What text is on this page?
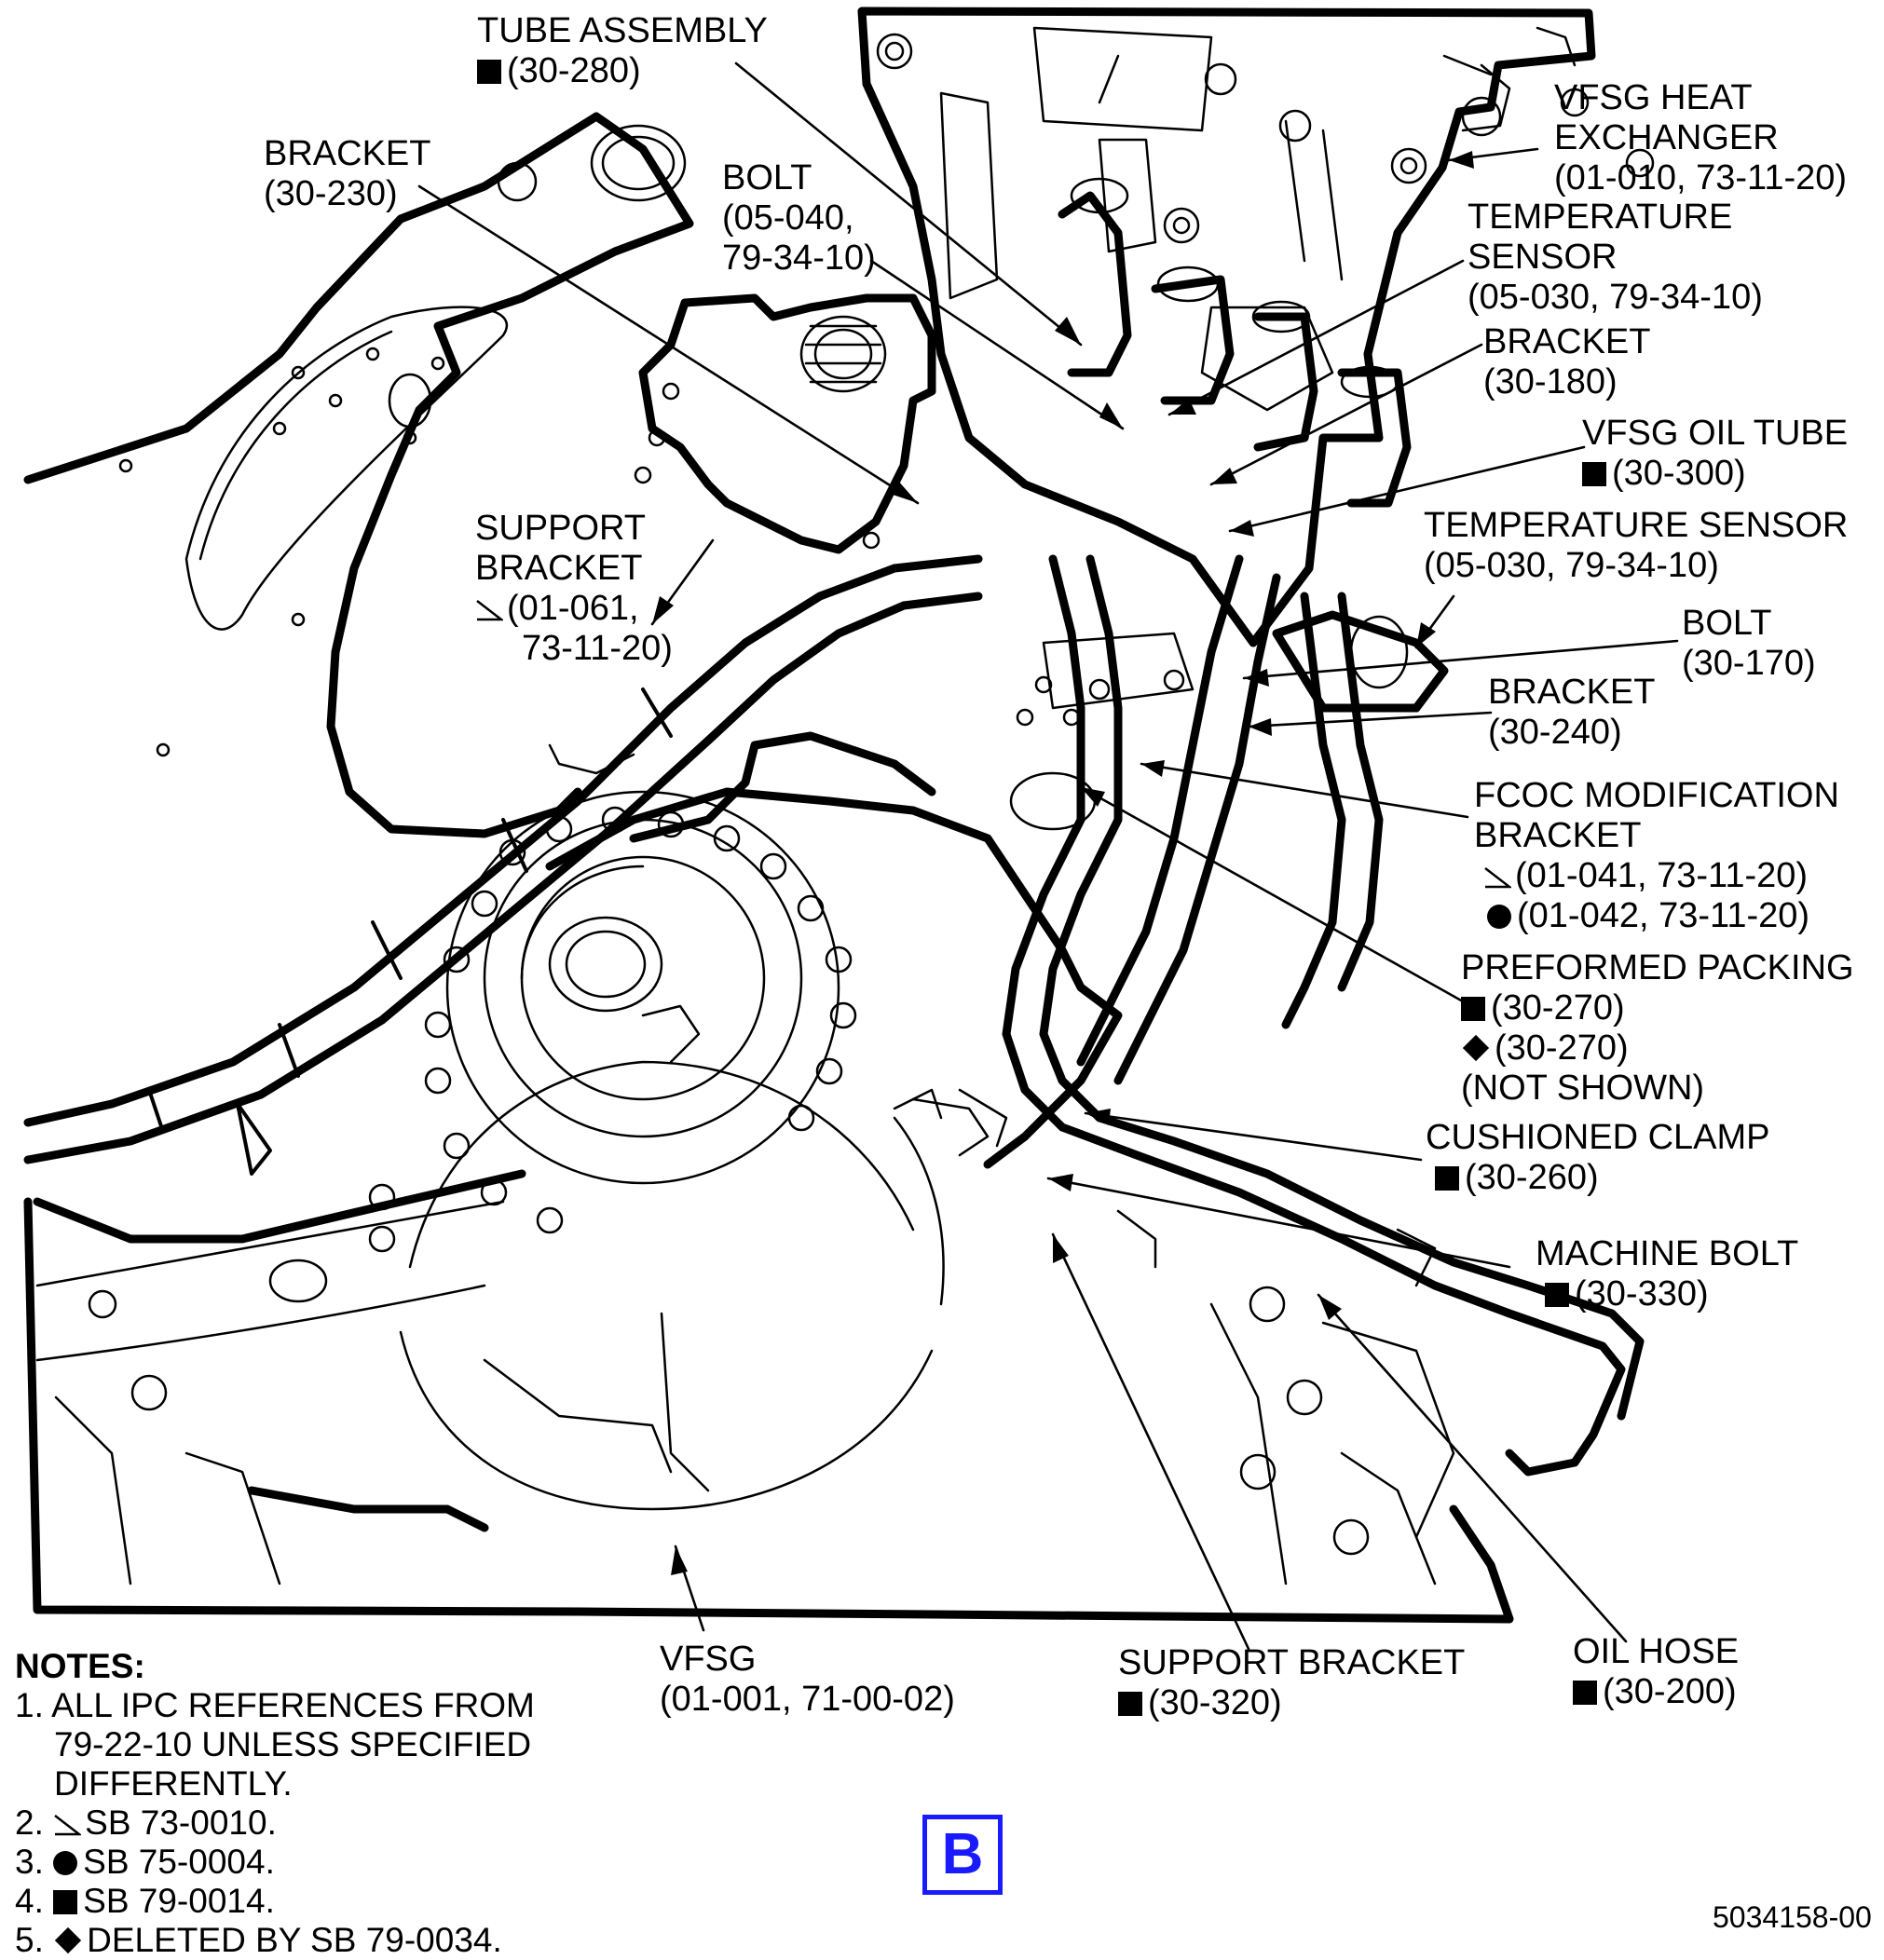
TUBE ASSEMBLY
(30-280)
BRACKET
(30-230)	BOLT
(05-040,
79-34-10)
VFSG HEAT
EXCHANGER
(01-010, 73-11-20)
TEMPERATURE
SENSOR
(05-030, 79-34-10)
BRACKET
(30-180)
VFSG OIL TUBE
(30-300)
TEMPERATURE SENSOR
(05-030, 79-34-10)
SUPPORT
BRACKET
(01-061,
73-11-20)
BOLT
(30-170)
BRACKET
(30-240)
FCOC MODIFICATION
BRACKET
(01-041, 73-11-20)
(01-042, 73-11-20)
PREFORMED PACKING
(30-270)
(30-270)
(NOT SHOWN)
CUSHIONED CLAMP
(30-260)
MACHINE BOLT
(30-330)
VFSG
(01-001, 71-00-02)
SUPPORT BRACKET
(30-320)
OIL HOSE
(30-200)
NOTES:
1. ALL IPC REFERENCES FROM
79-22-10 UNLESS SPECIFIED
DIFFERENTLY.
2. SB 73-0010.
3. SB 75-0004.
4. SB 79-0014.
5. DELETED BY SB 79-0034.
B
5034158-00
